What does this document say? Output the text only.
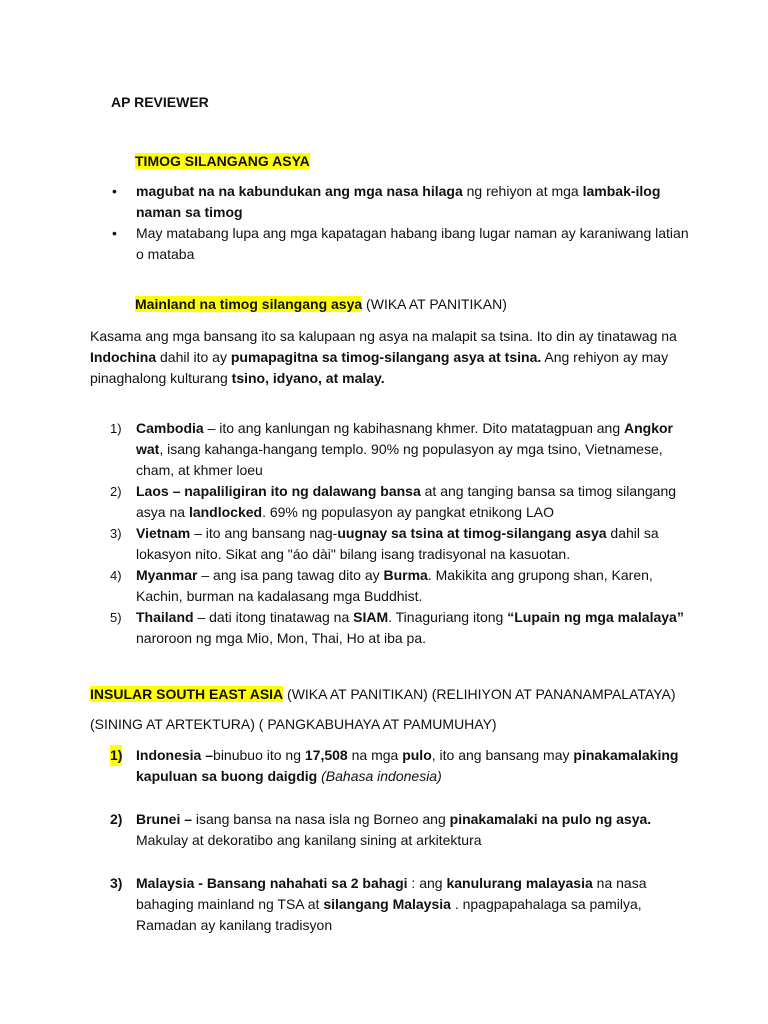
AP REVIEWER
TIMOG SILANGANG ASYA
• magubat na na kabundukan ang mga nasa hilaga ng rehiyon at mga lambak-ilog naman sa timog
• May matabang lupa ang mga kapatagan habang ibang lugar naman ay karaniwang latian o mataba
Mainland na timog silangang asya (WIKA AT PANITIKAN)
Kasama ang mga bansang ito sa kalupaan ng asya na malapit sa tsina. Ito din ay tinatawag na Indochina dahil ito ay pumapagitna sa timog-silangang asya at tsina. Ang rehiyon ay may pinaghalong kulturang tsino, idyano, at malay.
1) Cambodia – ito ang kanlungan ng kabihasnang khmer. Dito matatagpuan ang Angkor wat, isang kahanga-hangang templo. 90% ng populasyon ay mga tsino, Vietnamese, cham, at khmer loeu
2) Laos – napaliligiran ito ng dalawang bansa at ang tanging bansa sa timog silangang asya na landlocked. 69% ng populasyon ay pangkat etnikong LAO
3) Vietnam – ito ang bansang nag-uugnay sa tsina at timog-silangang asya dahil sa lokasyon nito. Sikat ang "áo dài" bilang isang tradisyonal na kasuotan.
4) Myanmar – ang isa pang tawag dito ay Burma. Makikita ang grupong shan, Karen, Kachin, burman na kadalasang mga Buddhist.
5) Thailand – dati itong tinatawag na SIAM. Tinaguriang itong “Lupain ng mga malalaya” naroroon ng mga Mio, Mon, Thai, Ho at iba pa.
INSULAR SOUTH EAST ASIA (WIKA AT PANITIKAN) (RELIHIYON AT PANANAMPALATAYA)
(SINING AT ARTEKTURA) ( PANGKABUHAYA AT PAMUMUHAY)
1) Indonesia –binubuo ito ng 17,508 na mga pulo, ito ang bansang may pinakamalaking kapuluan sa buong daigdig (Bahasa indonesia)
2) Brunei – isang bansa na nasa isla ng Borneo ang pinakamalaki na pulo ng asya. Makulay at dekoratibo ang kanilang sining at arkitektura
3) Malaysia - Bansang nahahati sa 2 bahagi : ang kanulurang malayasia na nasa bahaging mainland ng TSA at silangang Malaysia . npagpapahalaga sa pamilya, Ramadan ay kanilang tradisyon
